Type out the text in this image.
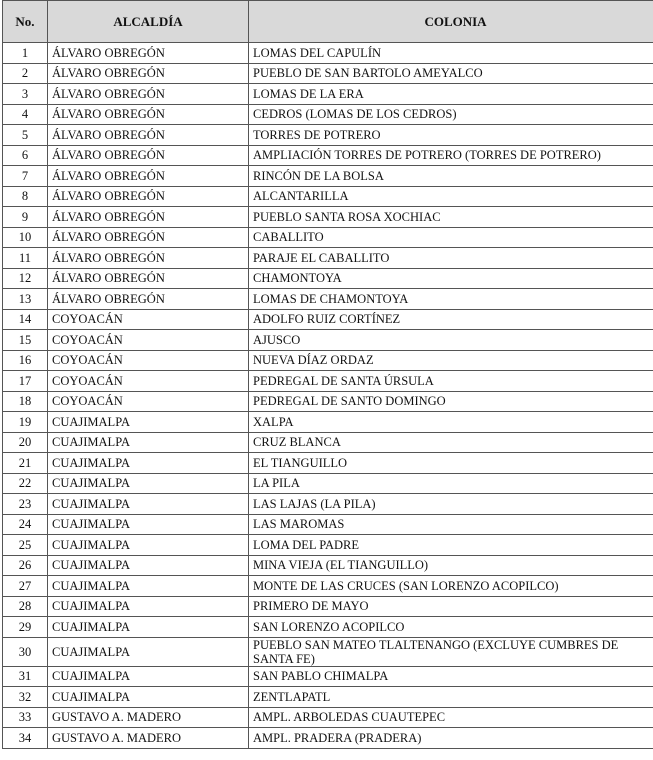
No.	ALCALDÍA	COLONIA
1	ÁLVARO OBREGÓN	LOMAS DEL CAPULÍN
2	ÁLVARO OBREGÓN	PUEBLO DE SAN BARTOLO AMEYALCO
3	ÁLVARO OBREGÓN	LOMAS DE LA ERA
4	ÁLVARO OBREGÓN	CEDROS (LOMAS DE LOS CEDROS)
5	ÁLVARO OBREGÓN	TORRES DE POTRERO
6	ÁLVARO OBREGÓN	AMPLIACIÓN TORRES DE POTRERO (TORRES DE POTRERO)
7	ÁLVARO OBREGÓN	RINCÓN DE LA BOLSA
8	ÁLVARO OBREGÓN	ALCANTARILLA
9	ÁLVARO OBREGÓN	PUEBLO SANTA ROSA XOCHIAC
10	ÁLVARO OBREGÓN	CABALLITO
11	ÁLVARO OBREGÓN	PARAJE EL CABALLITO
12	ÁLVARO OBREGÓN	CHAMONTOYA
13	ÁLVARO OBREGÓN	LOMAS DE CHAMONTOYA
14	COYOACÁN	ADOLFO RUIZ CORTÍNEZ
15	COYOACÁN	AJUSCO
16	COYOACÁN	NUEVA DÍAZ ORDAZ
17	COYOACÁN	PEDREGAL DE SANTA ÚRSULA
18	COYOACÁN	PEDREGAL DE SANTO DOMINGO
19	CUAJIMALPA	XALPA
20	CUAJIMALPA	CRUZ BLANCA
21	CUAJIMALPA	EL TIANGUILLO
22	CUAJIMALPA	LA PILA
23	CUAJIMALPA	LAS LAJAS (LA PILA)
24	CUAJIMALPA	LAS MAROMAS
25	CUAJIMALPA	LOMA DEL PADRE
26	CUAJIMALPA	MINA VIEJA (EL TIANGUILLO)
27	CUAJIMALPA	MONTE DE LAS CRUCES (SAN LORENZO ACOPILCO)
28	CUAJIMALPA	PRIMERO DE MAYO
29	CUAJIMALPA	SAN LORENZO ACOPILCO
30	CUAJIMALPA	PUEBLO SAN MATEO TLALTENANGO (EXCLUYE CUMBRES DE SANTA FE)
31	CUAJIMALPA	SAN PABLO CHIMALPA
32	CUAJIMALPA	ZENTLAPATL
33	GUSTAVO A. MADERO	AMPL. ARBOLEDAS CUAUTEPEC
34	GUSTAVO A. MADERO	AMPL. PRADERA (PRADERA)
